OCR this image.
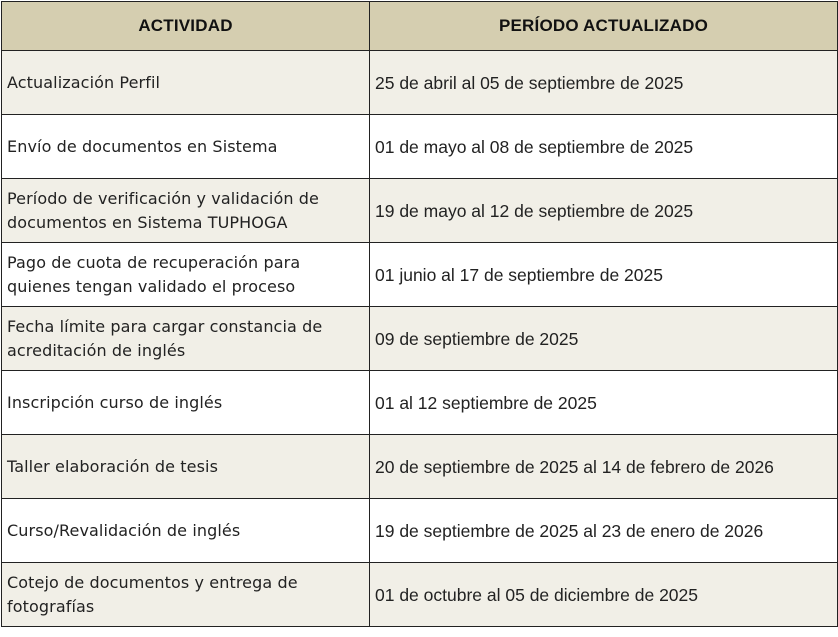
ACTIVIDAD	PERÍODO ACTUALIZADO
Actualización Perfil	25 de abril al 05 de septiembre de 2025
Envío de documentos en Sistema	01 de mayo al 08 de septiembre de 2025
Período de verificación y validación de documentos en Sistema TUPHOGA	19 de mayo al 12 de septiembre de 2025
Pago de cuota de recuperación para quienes tengan validado el proceso	01 junio al 17 de septiembre de 2025
Fecha límite para cargar constancia de acreditación de inglés	09 de septiembre de 2025
Inscripción curso de inglés	01 al 12 septiembre de 2025
Taller elaboración de tesis	20 de septiembre de 2025 al 14 de febrero de 2026
Curso/Revalidación de inglés	19 de septiembre de 2025 al 23 de enero de 2026
Cotejo de documentos y entrega de fotografías	01 de octubre al 05 de diciembre de 2025
